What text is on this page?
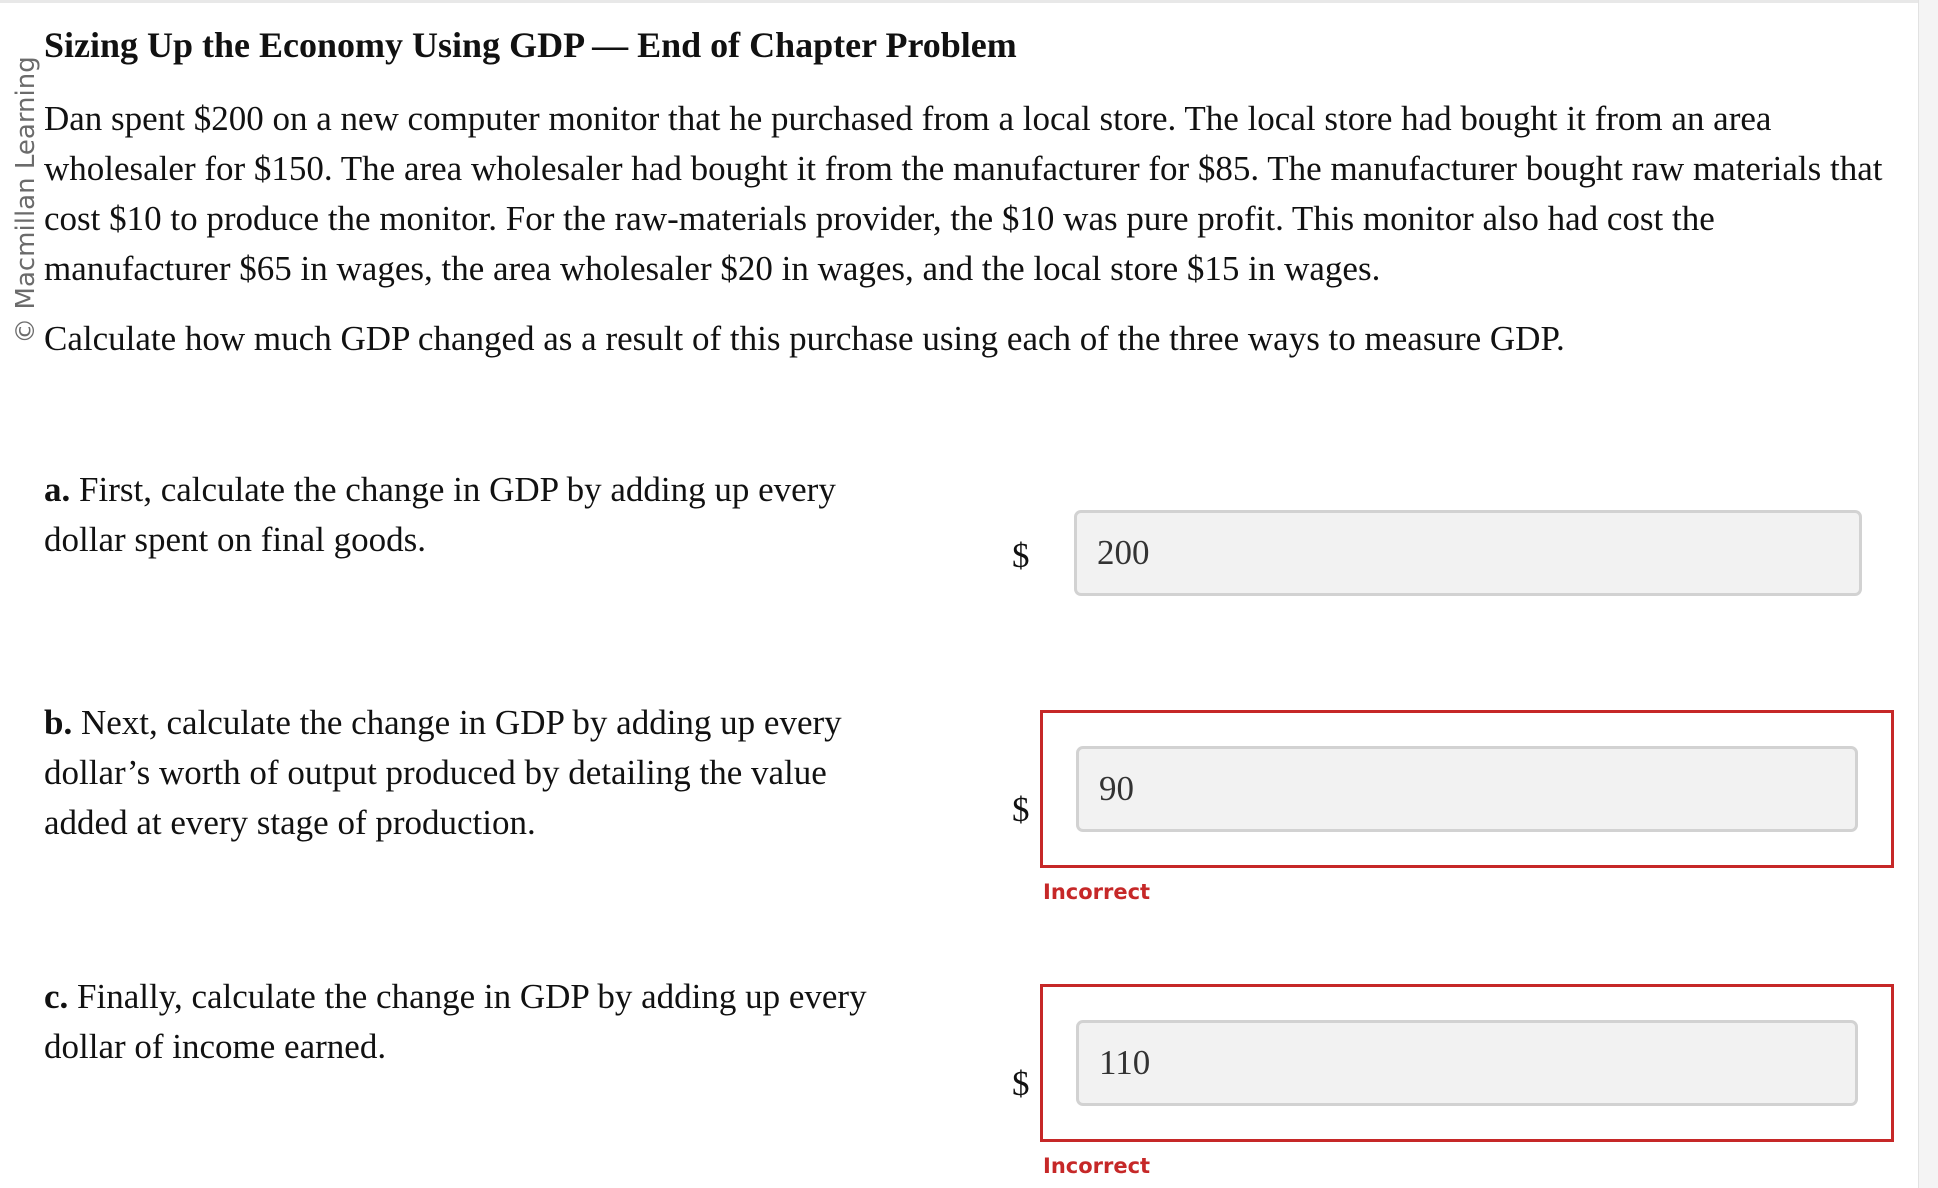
© Macmillan Learning
Sizing Up the Economy Using GDP — End of Chapter Problem

Dan spent $200 on a new computer monitor that he purchased from a local store. The local store had bought it from an area wholesaler for $150. The area wholesaler had bought it from the manufacturer for $85. The manufacturer bought raw materials that cost $10 to produce the monitor. For the raw-materials provider, the $10 was pure profit. This monitor also had cost the manufacturer $65 in wages, the area wholesaler $20 in wages, and the local store $15 in wages.

Calculate how much GDP changed as a result of this purchase using each of the three ways to measure GDP.

a. First, calculate the change in GDP by adding up every dollar spent on final goods.	$	200
b. Next, calculate the change in GDP by adding up every dollar’s worth of output produced by detailing the value added at every stage of production.	$
90
Incorrect
c. Finally, calculate the change in GDP by adding up every dollar of income earned.
$
110
Incorrect
